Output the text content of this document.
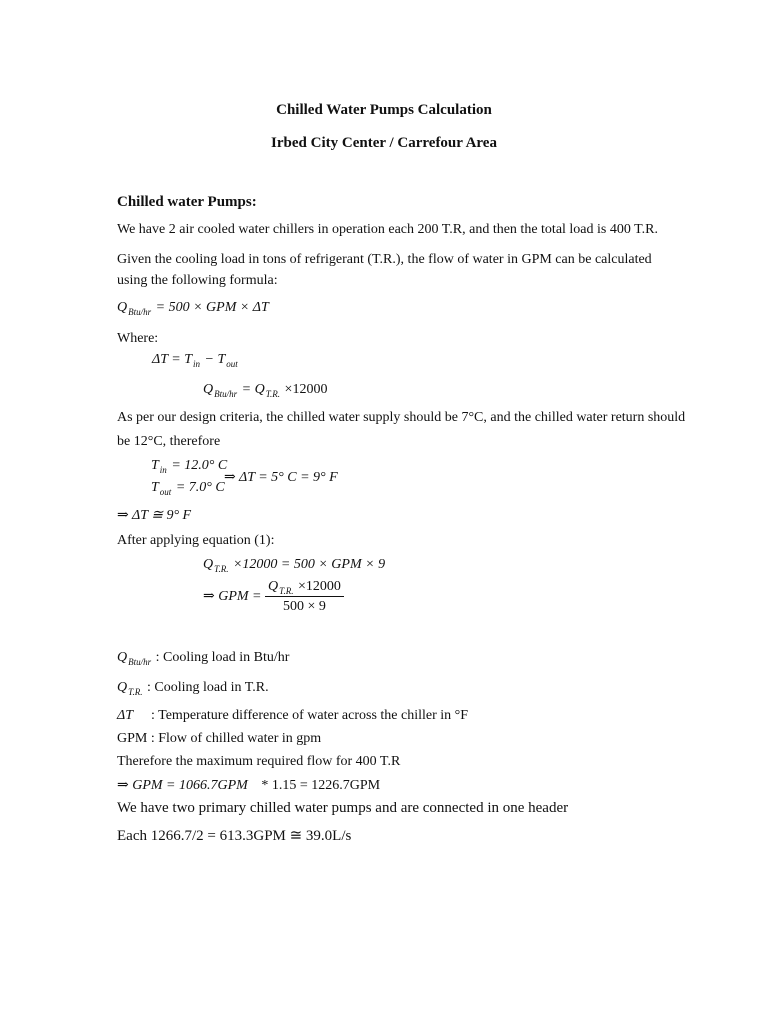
Chilled Water Pumps Calculation
Irbed City Center / Carrefour Area
Chilled water Pumps:
We have 2 air cooled water chillers in operation each 200 T.R, and then the total load is 400 T.R.
Given the cooling load in tons of refrigerant (T.R.), the flow of water in GPM can be calculated
using the following formula:
$Q_{Btu/hr} = 500$ × GPM × ΔT
Where:
$\Delta T = T_{in} - T_{out}$
$Q_{Btu/hr} = Q_{T.R.} \times 12000$
As per our design criteria, the chilled water supply should be 7°C, and the chilled water return should
be 12°C, therefore
$T_{in} = 12.0^\circ$ C
$T_{out} = 7.0^\circ$ C
⇒ ΔT = 5° C = 9° F
⇒ ΔT ≅ 9° F
After applying equation (1):
$Q_{T.R.} \times 12000 = 500$ × GPM × 9
⇒ GPM = $\frac{Q_{T.R.} \times 12000}{500 \times 9}$
$Q_{Btu/hr}$ : Cooling load in Btu/hr
$Q_{T.R.}$ : Cooling load in T.R.
ΔT : Temperature difference of water across the chiller in °F
GPM : Flow of chilled water in gpm
Therefore the maximum required flow for 400 T.R
⇒ GPM = 1066.7GPM * 1.15 = 1226.7GPM
We have two primary chilled water pumps and are connected in one header
Each 1266.7/2 = 613.3GPM ≅ 39.0L/s
